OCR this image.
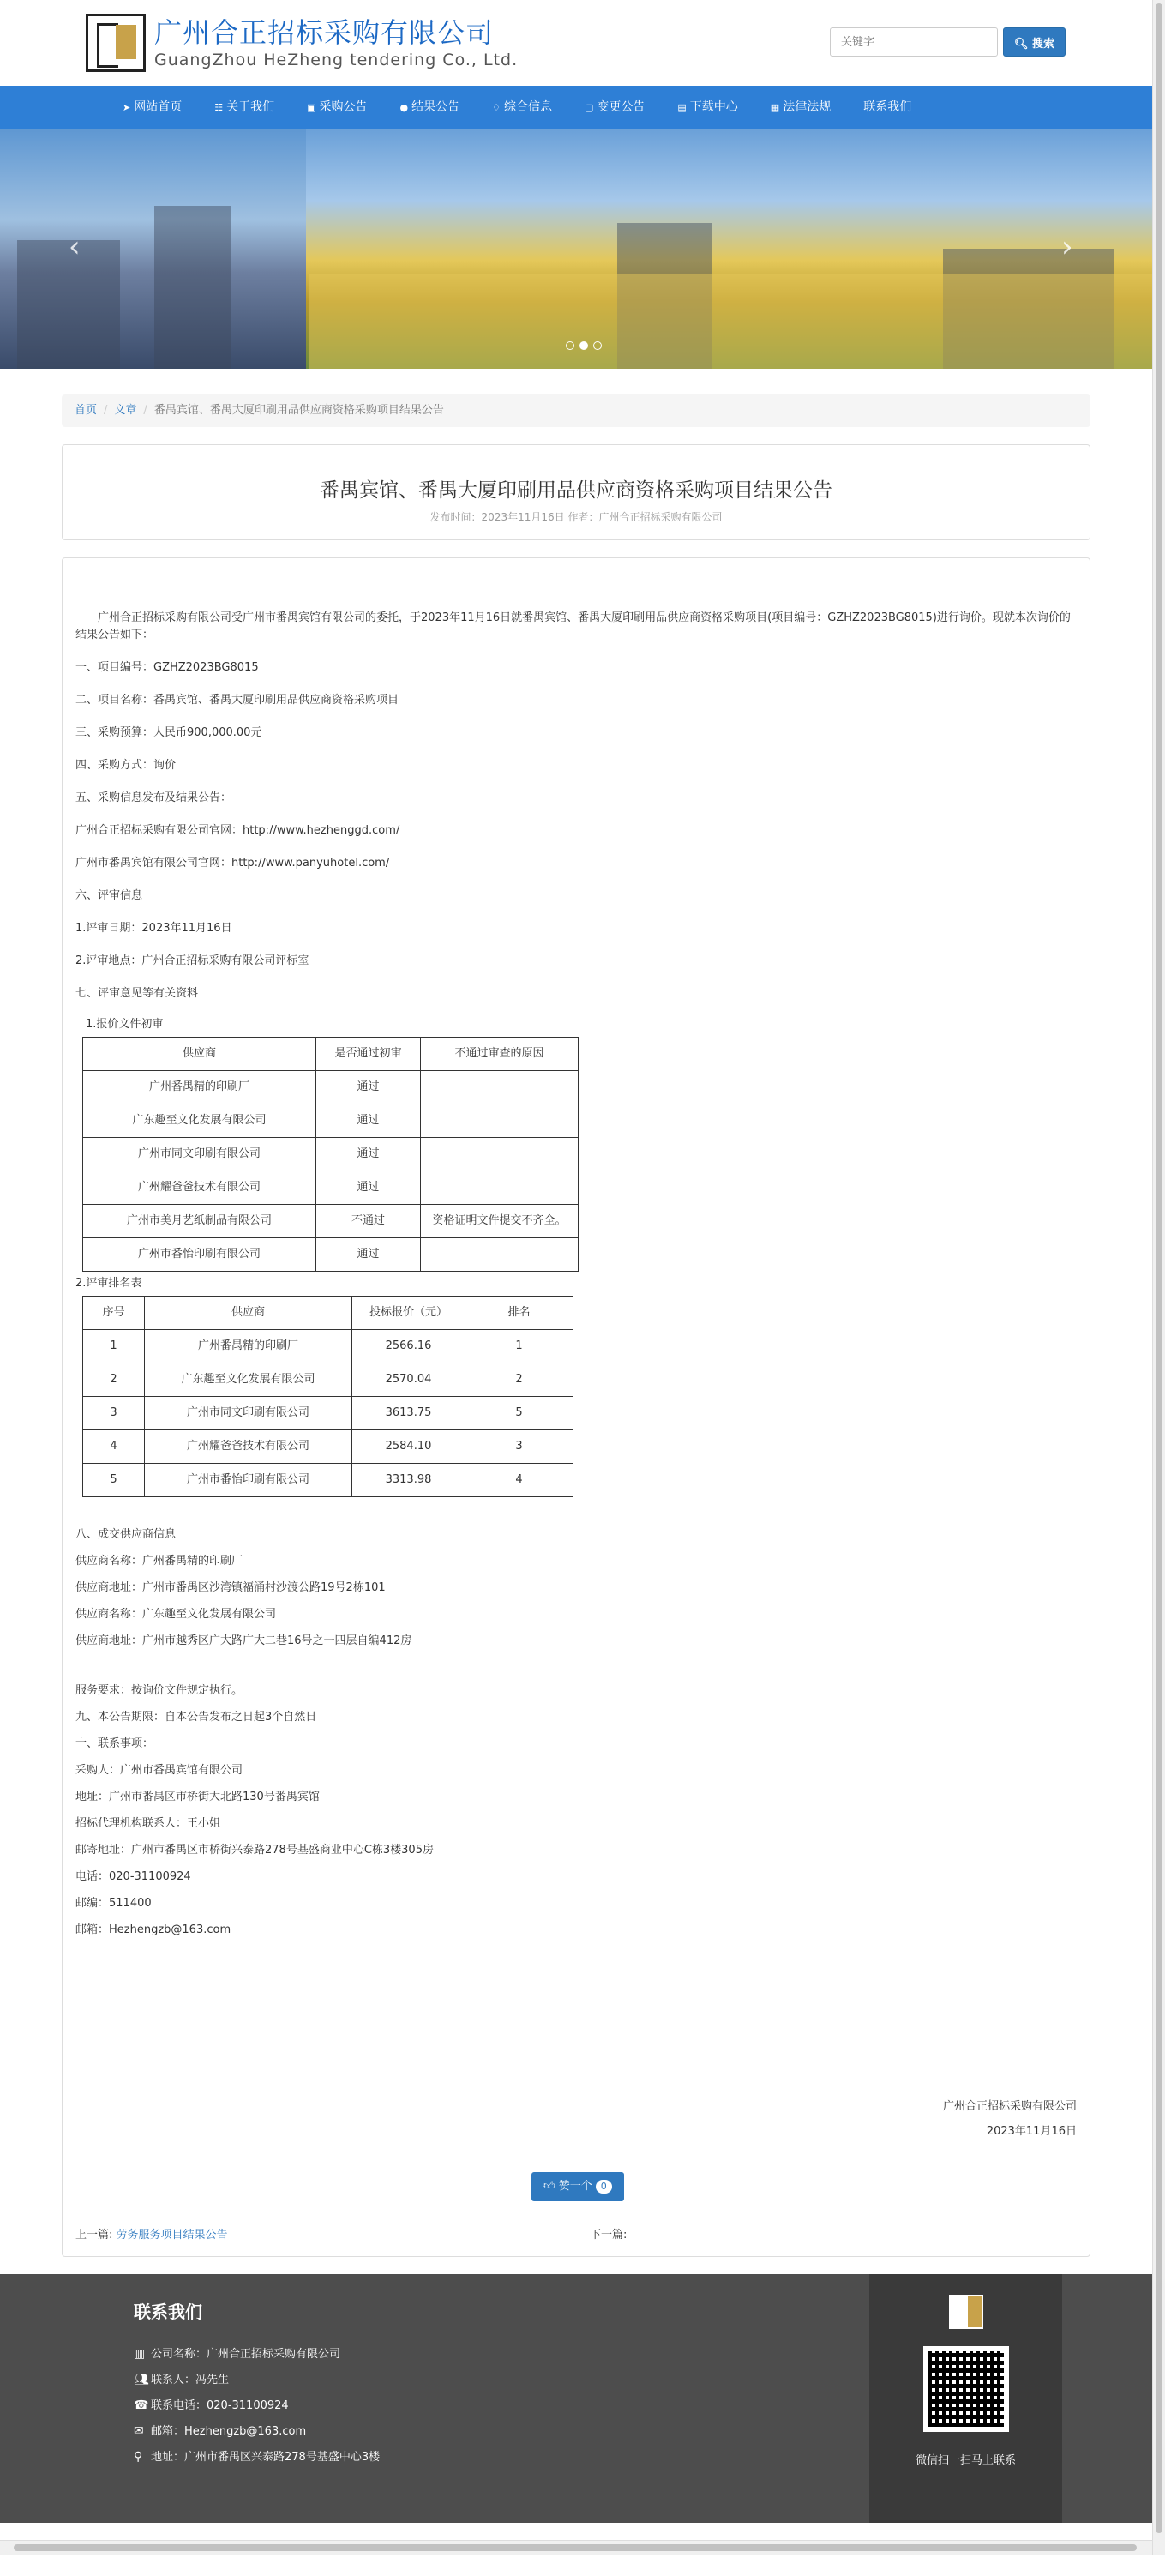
广州合正招标采购有限公司
GuangZhou HeZheng tendering Co., Ltd.
关键字
🔍︎ 搜索
➤ 网站首页	☷ 关于我们	▣ 采购公告	● 结果公告	♢ 综合信息	▢ 变更公告	▤ 下载中心	▦ 法律法规	联系我们
‹	›
首页 / 文章 / 番禺宾馆、番禺大厦印刷用品供应商资格采购项目结果公告
番禺宾馆、番禺大厦印刷用品供应商资格采购项目结果公告
发布时间：2023年11月16日 作者：广州合正招标采购有限公司

广州合正招标采购有限公司受广州市番禺宾馆有限公司的委托，于2023年11月16日就番禺宾馆、番禺大厦印刷用品供应商资格采购项目(项目编号：GZHZ2023BG8015)进行询价。现就本次询价的结果公告如下：

一、项目编号：GZHZ2023BG8015

二、项目名称：番禺宾馆、番禺大厦印刷用品供应商资格采购项目

三、采购预算：人民币900,000.00元

四、采购方式：询价

五、采购信息发布及结果公告：

广州合正招标采购有限公司官网：http://www.hezhenggd.com/

广州市番禺宾馆有限公司官网：http://www.panyuhotel.com/

六、评审信息

1.评审日期：2023年11月16日

2.评审地点：广州合正招标采购有限公司评标室

七、评审意见等有关资料

1.报价文件初审
供应商	是否通过初审	不通过审查的原因
广州番禺精的印刷厂	通过	
广东趣至文化发展有限公司	通过	
广州市同文印刷有限公司	通过	
广州耀爸爸技术有限公司	通过	
广州市美月艺纸制品有限公司	不通过	资格证明文件提交不齐全。
广州市番怡印刷有限公司	通过	
2.评审排名表
序号	供应商	投标报价（元）	排名
1	广州番禺精的印刷厂	2566.16	1
2	广东趣至文化发展有限公司	2570.04	2
3	广州市同文印刷有限公司	3613.75	5
4	广州耀爸爸技术有限公司	2584.10	3
5	广州市番怡印刷有限公司	3313.98	4

八、成交供应商信息

供应商名称：广州番禺精的印刷厂

供应商地址：广州市番禺区沙湾镇福涌村沙渡公路19号2栋101

供应商名称：广东趣至文化发展有限公司

供应商地址：广州市越秀区广大路广大二巷16号之一四层自编412房

服务要求：按询价文件规定执行。

九、本公告期限：自本公告发布之日起3个自然日

十、联系事项：

采购人：广州市番禺宾馆有限公司

地址：广州市番禺区市桥街大北路130号番禺宾馆

招标代理机构联系人：王小姐

邮寄地址：广州市番禺区市桥街兴泰路278号基盛商业中心C栋3楼305房

电话：020-31100924

邮编：511400

邮箱：Hezhengzb@163.com

广州合正招标采购有限公司

2023年11月16日

👍︎ 赞一个 0
上一篇: 劳务服务项目结果公告	下一篇:
联系我们
▥ 公司名称：广州合正招标采购有限公司
👥︎ 联系人：冯先生
☎ 联系电话：020-31100924
✉ 邮箱：Hezhengzb@163.com
⚲ 地址：广州市番禺区兴泰路278号基盛中心3楼	微信扫一扫马上联系
